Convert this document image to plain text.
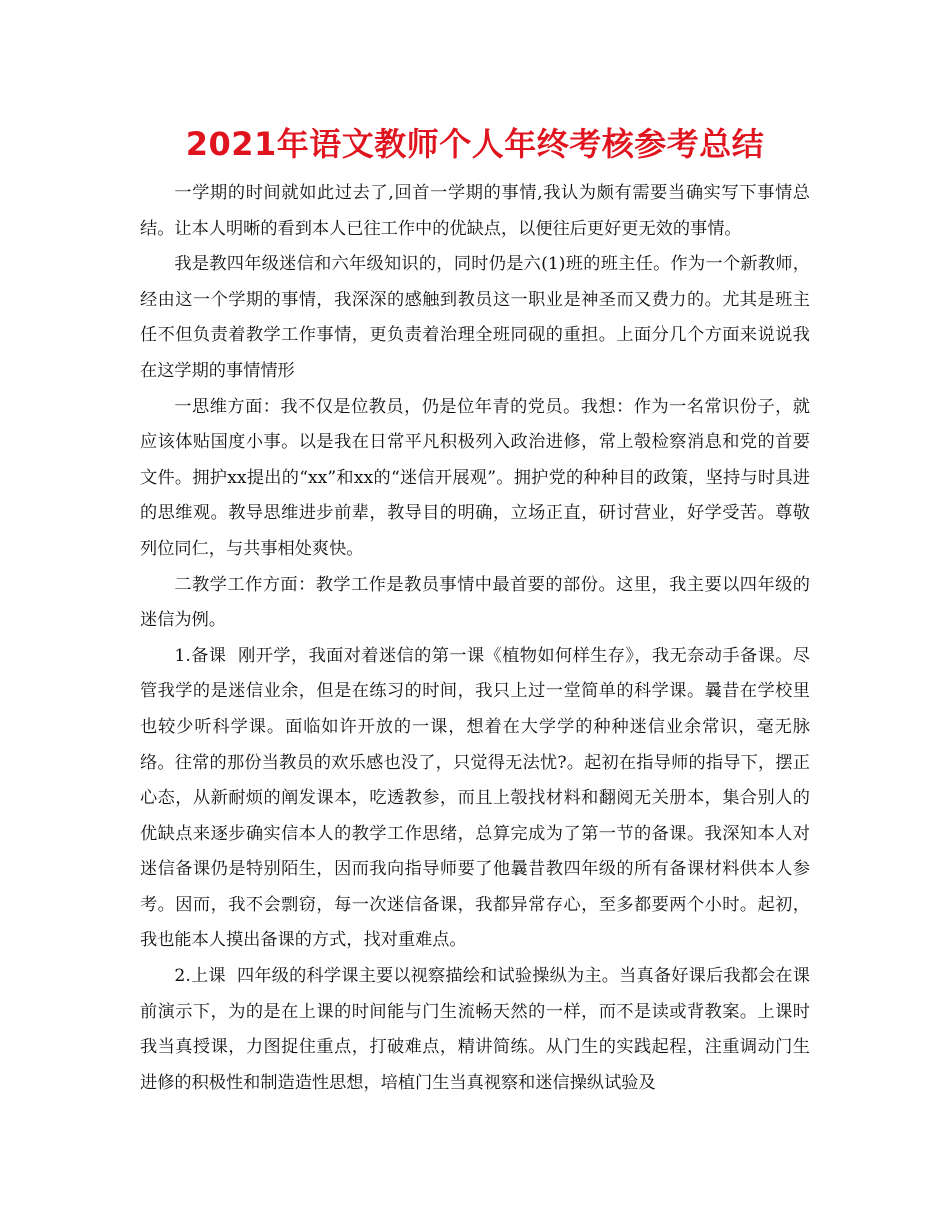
2021年语文教师个人年终考核参考总结

一学期的时间就如此过去了,回首一学期的事情,我认为颇有需要当确实写下事情总结。让本人明晰的看到本人已往工作中的优缺点，以便往后更好更无效的事情。

我是教四年级迷信和六年级知识的，同时仍是六(1)班的班主任。作为一个新教师，经由这一个学期的事情，我深深的感触到教员这一职业是神圣而又费力的。尤其是班主任不但负责着教学工作事情，更负责着治理全班同砚的重担。上面分几个方面来说说我在这学期的事情情形

一思维方面：我不仅是位教员，仍是位年青的党员。我想：作为一名常识份子，就应该体贴国度小事。以是我在日常平凡积极列入政治进修，常上彀检察消息和党的首要文件。拥护xx提出的“xx”和xx的“迷信开展观”。拥护党的种种目的政策，坚持与时具进的思维观。教导思维进步前辈，教导目的明确，立场正直，研讨营业，好学受苦。尊敬列位同仁，与共事相处爽快。

二教学工作方面：教学工作是教员事情中最首要的部份。这里，我主要以四年级的迷信为例。

1.备课  刚开学，我面对着迷信的第一课《植物如何样生存》，我无奈动手备课。尽管我学的是迷信业余，但是在练习的时间，我只上过一堂简单的科学课。曩昔在学校里也较少听科学课。面临如许开放的一课，想着在大学学的种种迷信业余常识，毫无脉络。往常的那份当教员的欢乐感也没了，只觉得无法忧?。起初在指导师的指导下，摆正心态，从新耐烦的阐发课本，吃透教参，而且上彀找材料和翻阅无关册本，集合别人的优缺点来逐步确实信本人的教学工作思绪，总算完成为了第一节的备课。我深知本人对迷信备课仍是特别陌生，因而我向指导师要了他曩昔教四年级的所有备课材料供本人参考。因而，我不会剽窃，每一次迷信备课，我都异常存心，至多都要两个小时。起初，我也能本人摸出备课的方式，找对重难点。

2.上课  四年级的科学课主要以视察描绘和试验操纵为主。当真备好课后我都会在课前演示下，为的是在上课的时间能与门生流畅天然的一样，而不是读或背教案。上课时我当真授课，力图捉住重点，打破难点，精讲简练。从门生的实践起程，注重调动门生进修的积极性和制造造性思想，培植门生当真视察和迷信操纵试验及
